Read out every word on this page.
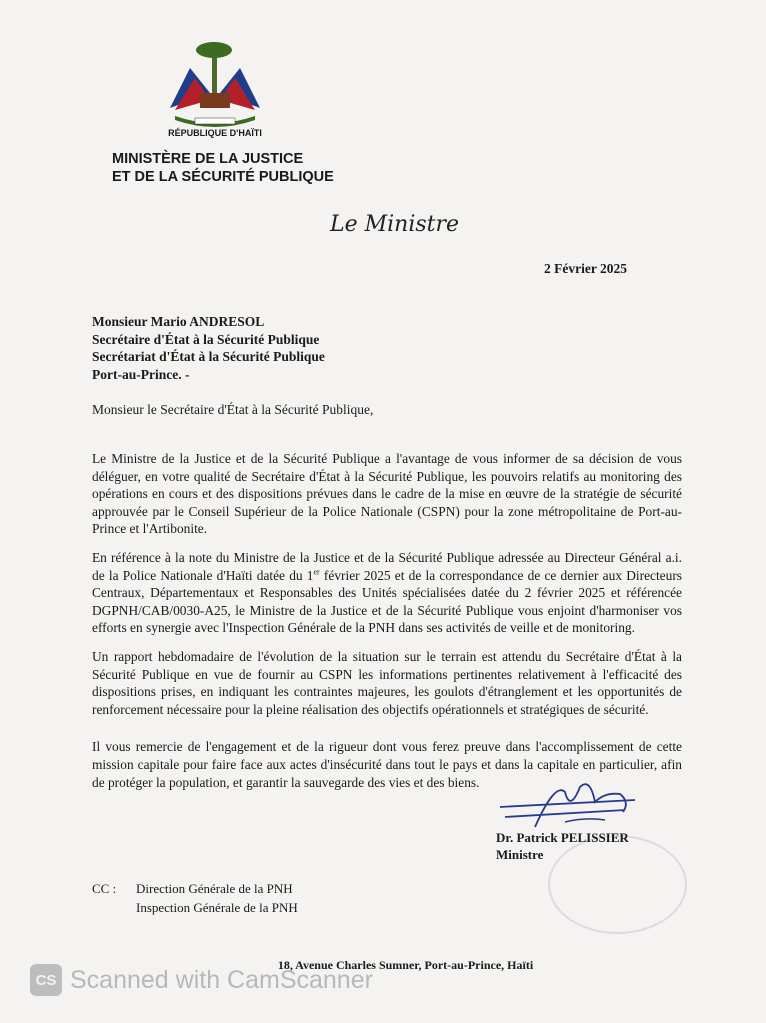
RÉPUBLIQUE D'HAÏTI
MINISTÈRE DE LA JUSTICE
ET DE LA SÉCURITÉ PUBLIQUE
Le Ministre
2 Février 2025
Monsieur Mario ANDRESOL
Secrétaire d'État à la Sécurité Publique
Secrétariat d'État à la Sécurité Publique
Port-au-Prince. -
Monsieur le Secrétaire d'État à la Sécurité Publique,

Le Ministre de la Justice et de la Sécurité Publique a l'avantage de vous informer de sa décision de vous déléguer, en votre qualité de Secrétaire d'État à la Sécurité Publique, les pouvoirs relatifs au monitoring des opérations en cours et des dispositions prévues dans le cadre de la mise en œuvre de la stratégie de sécurité approuvée par le Conseil Supérieur de la Police Nationale (CSPN) pour la zone métropolitaine de Port-au-Prince et l'Artibonite.

En référence à la note du Ministre de la Justice et de la Sécurité Publique adressée au Directeur Général a.i. de la Police Nationale d'Haïti datée du 1er février 2025 et de la correspondance de ce dernier aux Directeurs Centraux, Départementaux et Responsables des Unités spécialisées datée du 2 février 2025 et référencée DGPNH/CAB/0030-A25, le Ministre de la Justice et de la Sécurité Publique vous enjoint d'harmoniser vos efforts en synergie avec l'Inspection Générale de la PNH dans ses activités de veille et de monitoring.

Un rapport hebdomadaire de l'évolution de la situation sur le terrain est attendu du Secrétaire d'État à la Sécurité Publique en vue de fournir au CSPN les informations pertinentes relativement à l'efficacité des dispositions prises, en indiquant les contraintes majeures, les goulots d'étranglement et les opportunités de renforcement nécessaire pour la pleine réalisation des objectifs opérationnels et stratégiques de sécurité.

Il vous remercie de l'engagement et de la rigueur dont vous ferez preuve dans l'accomplissement de cette mission capitale pour faire face aux actes d'insécurité dans tout le pays et dans la capitale en particulier, afin de protéger la population, et garantir la sauvegarde des vies et des biens.

Dr. Patrick PELISSIER
Ministre
CC : Direction Générale de la PNH
Inspection Générale de la PNH
18, Avenue Charles Sumner, Port-au-Prince, Haïti
CS Scanned with CamScanner
